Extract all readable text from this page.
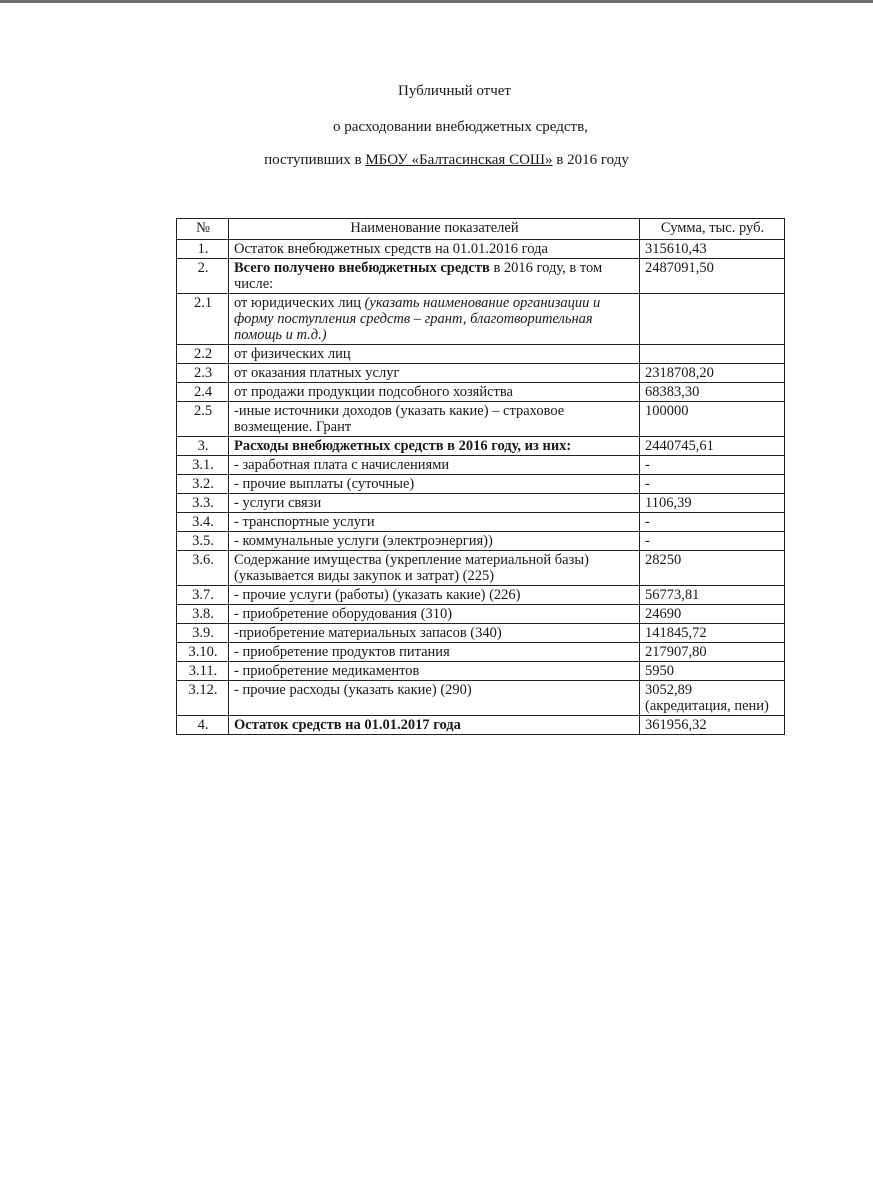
Публичный отчет
о расходовании внебюджетных средств,
поступивших в МБОУ «Балтасинская СОШ» в 2016 году
№	Наименование показателей	Сумма, тыс. руб.
1.	Остаток внебюджетных средств на 01.01.2016 года	315610,43
2.	Всего получено внебюджетных средств в 2016 году, в том числе:	2487091,50
2.1	от юридических лиц (указать наименование организации и форму поступления средств – грант, благотворительная помощь и т.д.)	
2.2	от физических лиц	
2.3	от оказания платных услуг	2318708,20
2.4	от продажи продукции подсобного хозяйства	68383,30
2.5	-иные источники доходов (указать какие) – страховое возмещение. Грант	100000
3.	Расходы внебюджетных средств в 2016 году, из них:	2440745,61
3.1.	- заработная плата с начислениями	-
3.2.	- прочие выплаты (суточные)	-
3.3.	- услуги связи	1106,39
3.4.	- транспортные услуги	-
3.5.	- коммунальные услуги (электроэнергия))	-
3.6.	Содержание имущества (укрепление материальной базы) (указывается виды закупок и затрат) (225)	28250
3.7.	- прочие услуги (работы) (указать какие) (226)	56773,81
3.8.	- приобретение оборудования (310)	24690
3.9.	-приобретение материальных запасов (340)	141845,72
3.10.	- приобретение продуктов питания	217907,80
3.11.	- приобретение медикаментов	5950
3.12.	- прочие расходы (указать какие) (290)	3052,89 (акредитация, пени)
4.	Остаток средств на 01.01.2017 года	361956,32
